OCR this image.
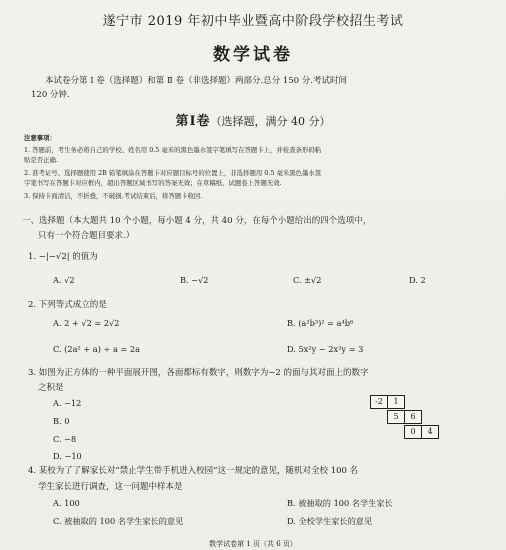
遂宁市 2019 年初中毕业暨高中阶段学校招生考试
数学试卷
本试卷分第 Ⅰ 卷（选择题）和第 Ⅱ 卷（非选择题）两部分.总分 150 分.考试时间
120 分钟.
第Ⅰ卷（选择题，满分 40 分）
注意事项：
1. 答题前，考生务必将自己的学校、姓名用 0.5 毫米的黑色墨水签字笔填写在答题卡上，并检查条形码粘
贴是否正确.
2. 准考证号、选择题使用 2B 铅笔填涂在答题卡对应题目标号的位置上，非选择题用 0.5 毫米黑色墨水签
字笔书写在答题卡对应框内，超出答题区域书写的答案无效；在草稿纸、试题卷上答题无效.
3. 保持卡面清洁，不折叠，不破损.考试结束后，将答题卡收回.
一、选择题（本大题共 10 个小题，每小题 4 分，共 40 分，在每个小题给出的四个选项中，
只有一个符合题目要求.）
1. −|−√2| 的值为
A. √2	B. −√2	C. ±√2	D. 2
2. 下列等式成立的是
A. 2 + √2 = 2√2	B. (a²b³)² = a⁴b⁶
C. (2a² + a) ÷ a = 2a	D. 5x²y − 2x²y = 3
3. 如图为正方体的一种平面展开图，各面都标有数字，则数字为−2 的面与其对面上的数字
之积是
A. −12
B. 0
C. −8
D. −10
-2	1
5	6
0	4
4. 某校为了了解家长对“禁止学生带手机进入校园”这一规定的意见，随机对全校 100 名
学生家长进行调查，这一问题中样本是
A. 100	B. 被抽取的 100 名学生家长
C. 被抽取的 100 名学生家长的意见	D. 全校学生家长的意见
数学试卷第 1 页（共 6 页）
